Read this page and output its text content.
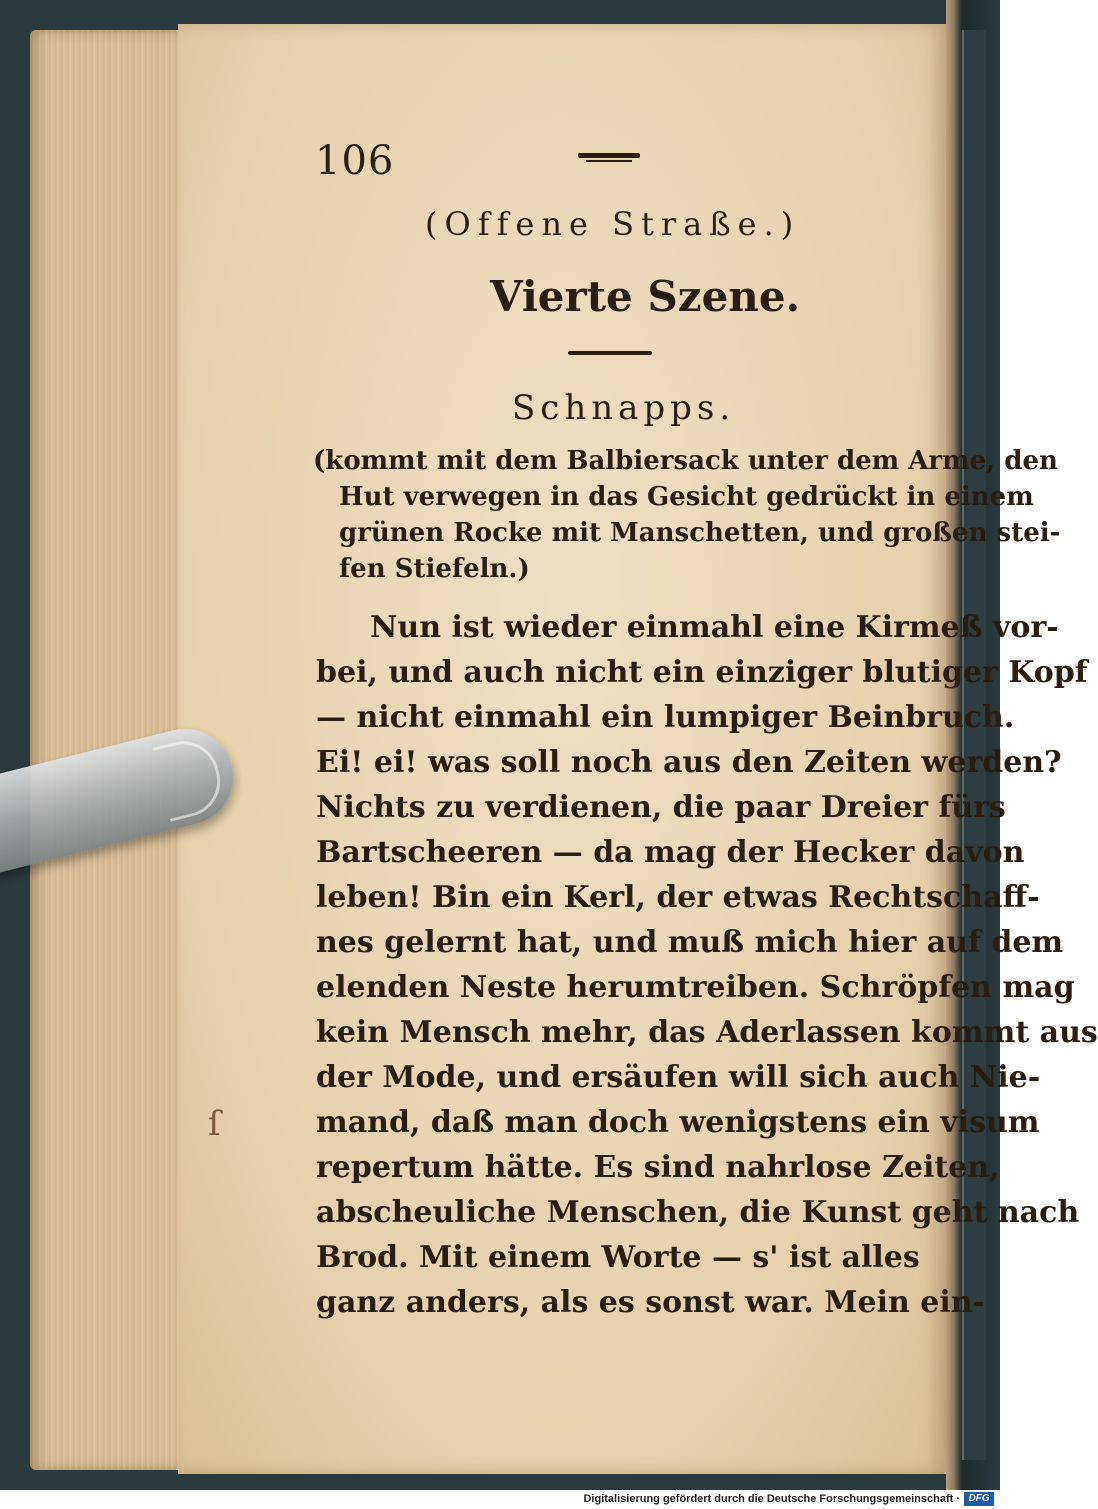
106
(Offene Straße.)
Vierte Szene.
Schnapps.
(kommt mit dem Balbiersack unter dem Arme, den
Hut verwegen in das Gesicht gedrückt in einem
grünen Rocke mit Manschetten, und großen stei-
fen Stiefeln.)
Nun ist wieder einmahl eine Kirmeß vor-
bei, und auch nicht ein einziger blutiger Kopf
— nicht einmahl ein lumpiger Beinbruch.
Ei! ei! was soll noch aus den Zeiten werden?
Nichts zu verdienen, die paar Dreier fürs
Bartscheeren — da mag der Hecker davon
leben! Bin ein Kerl, der etwas Rechtschaff-
nes gelernt hat, und muß mich hier auf dem
elenden Neste herumtreiben. Schröpfen mag
kein Mensch mehr, das Aderlassen kommt aus
der Mode, und ersäufen will sich auch Nie-
mand, daß man doch wenigstens ein visum
repertum hätte. Es sind nahrlose Zeiten,
abscheuliche Menschen, die Kunst geht nach
Brod. Mit einem Worte — s' ist alles
ganz anders, als es sonst war. Mein ein-
ſ
Digitalisierung gefördert durch die Deutsche Forschungsgemeinschaft · DFG
